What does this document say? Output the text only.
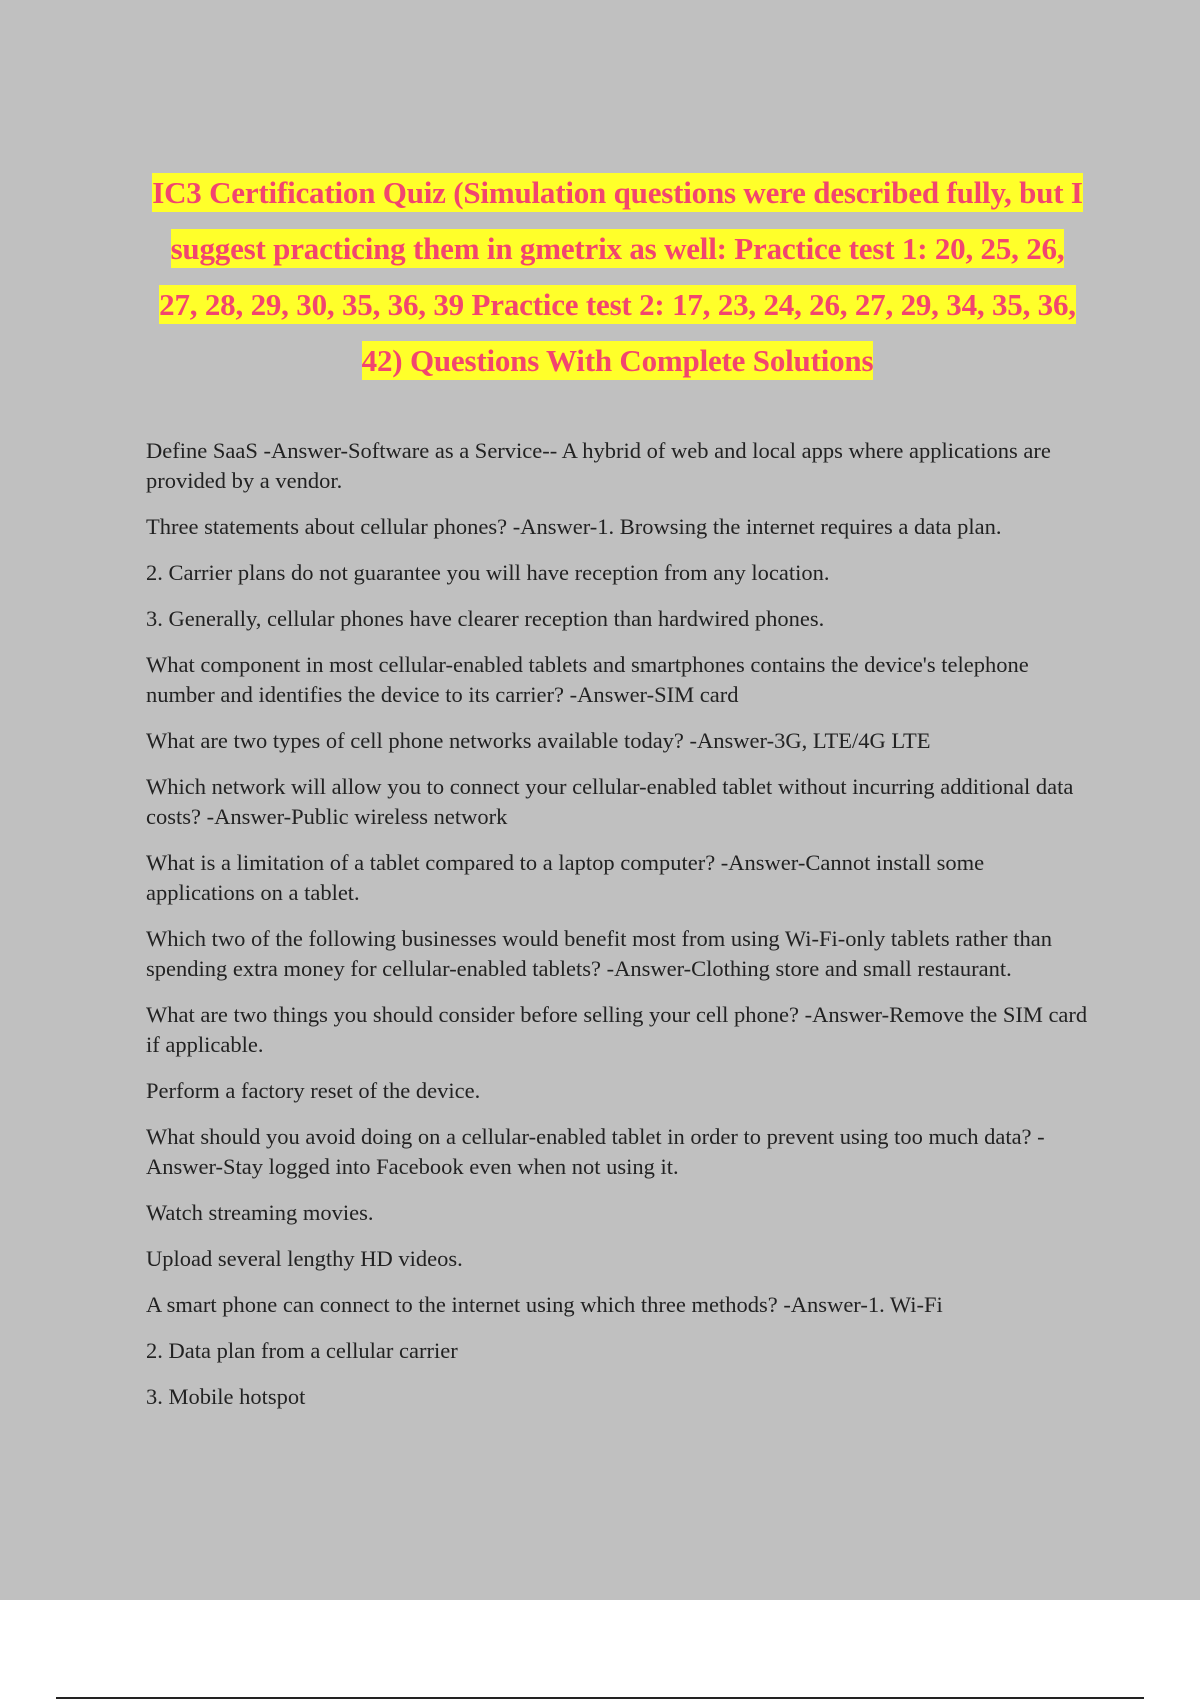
IC3 Certification Quiz (Simulation questions were described fully, but I suggest practicing them in gmetrix as well: Practice test 1: 20, 25, 26, 27, 28, 29, 30, 35, 36, 39 Practice test 2: 17, 23, 24, 26, 27, 29, 34, 35, 36, 42) Questions With Complete Solutions

Define SaaS -Answer-Software as a Service-- A hybrid of web and local apps where applications are provided by a vendor.

Three statements about cellular phones? -Answer-1. Browsing the internet requires a data plan.

2. Carrier plans do not guarantee you will have reception from any location.

3. Generally, cellular phones have clearer reception than hardwired phones.

What component in most cellular-enabled tablets and smartphones contains the device's telephone number and identifies the device to its carrier? -Answer-SIM card

What are two types of cell phone networks available today? -Answer-3G, LTE/4G LTE

Which network will allow you to connect your cellular-enabled tablet without incurring additional data costs? -Answer-Public wireless network

What is a limitation of a tablet compared to a laptop computer? -Answer-Cannot install some applications on a tablet.

Which two of the following businesses would benefit most from using Wi-Fi-only tablets rather than spending extra money for cellular-enabled tablets? -Answer-Clothing store and small restaurant.

What are two things you should consider before selling your cell phone? -Answer-Remove the SIM card if applicable.

Perform a factory reset of the device.

What should you avoid doing on a cellular-enabled tablet in order to prevent using too much data? -Answer-Stay logged into Facebook even when not using it.

Watch streaming movies.

Upload several lengthy HD videos.

A smart phone can connect to the internet using which three methods? -Answer-1. Wi-Fi

2. Data plan from a cellular carrier

3. Mobile hotspot
